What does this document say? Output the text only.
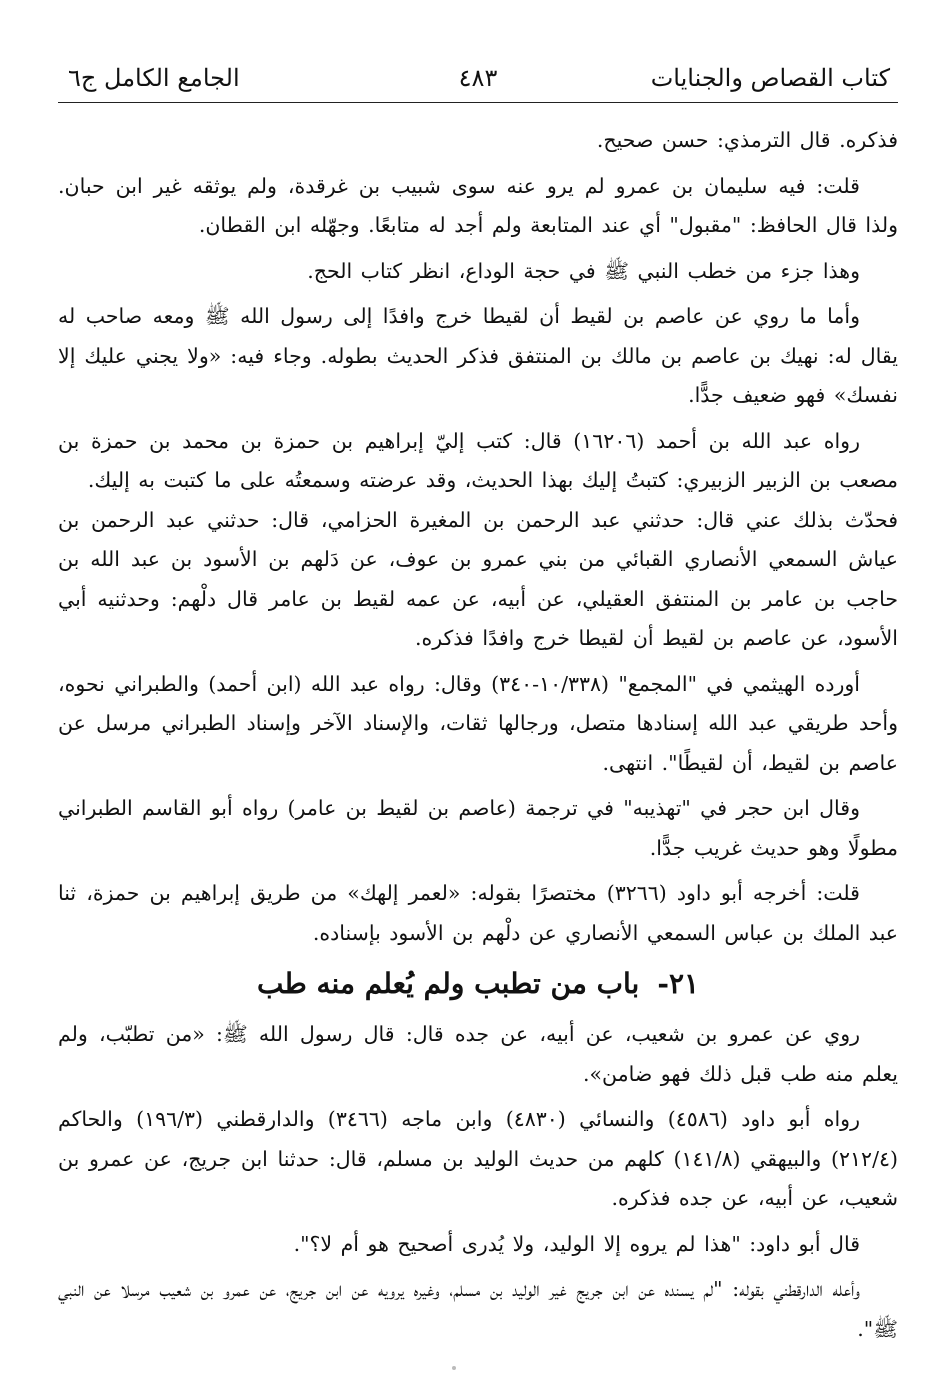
كتاب القصاص والجنايات
٤٨٣
الجامع الكامل ج٦

فذكره. قال الترمذي: حسن صحيح.

قلت: فيه سليمان بن عمرو لم يرو عنه سوى شبيب بن غرقدة، ولم يوثقه غير ابن حبان. ولذا قال الحافظ: "مقبول" أي عند المتابعة ولم أجد له متابعًا. وجهّله ابن القطان.

وهذا جزء من خطب النبي ﷺ في حجة الوداع، انظر كتاب الحج.

وأما ما روي عن عاصم بن لقيط أن لقيطا خرج وافدًا إلى رسول الله ﷺ ومعه صاحب له يقال له: نهيك بن عاصم بن مالك بن المنتفق فذكر الحديث بطوله. وجاء فيه: «ولا يجني عليك إلا نفسك» فهو ضعيف جدًّا.

رواه عبد الله بن أحمد (١٦٢٠٦) قال: كتب إليّ إبراهيم بن حمزة بن محمد بن حمزة بن مصعب بن الزبير الزبيري: كتبتُ إليك بهذا الحديث، وقد عرضته وسمعتُه على ما كتبت به إليك.

فحدّث بذلك عني قال: حدثني عبد الرحمن بن المغيرة الحزامي، قال: حدثني عبد الرحمن بن عياش السمعي الأنصاري القبائي من بني عمرو بن عوف، عن دَلهم بن الأسود بن عبد الله بن حاجب بن عامر بن المنتفق العقيلي، عن أبيه، عن عمه لقيط بن عامر قال دلْهم: وحدثنيه أبي الأسود، عن عاصم بن لقيط أن لقيطا خرج وافدًا فذكره.

أورده الهيثمي في "المجمع" (١٠/٣٣٨-٣٤٠) وقال: رواه عبد الله (ابن أحمد) والطبراني نحوه، وأحد طريقي عبد الله إسنادها متصل، ورجالها ثقات، والإسناد الآخر وإسناد الطبراني مرسل عن عاصم بن لقيط، أن لقيطًا". انتهى.

وقال ابن حجر في "تهذيبه" في ترجمة (عاصم بن لقيط بن عامر) رواه أبو القاسم الطبراني مطولًا وهو حديث غريب جدًّا.

قلت: أخرجه أبو داود (٣٢٦٦) مختصرًا بقوله: «لعمر إلهك» من طريق إبراهيم بن حمزة، ثنا عبد الملك بن عباس السمعي الأنصاري عن دلْهم بن الأسود بإسناده.

٢١-باب من تطبب ولم يُعلم منه طب

روي عن عمرو بن شعيب، عن أبيه، عن جده قال: قال رسول الله ﷺ: «من تطبّب، ولم يعلم منه طب قبل ذلك فهو ضامن».

رواه أبو داود (٤٥٨٦) والنسائي (٤٨٣٠) وابن ماجه (٣٤٦٦) والدارقطني (١٩٦/٣) والحاكم (٢١٢/٤) والبيهقي (١٤١/٨) كلهم من حديث الوليد بن مسلم، قال: حدثنا ابن جريج، عن عمرو بن شعيب، عن أبيه، عن جده فذكره.

قال أبو داود: "هذا لم يروه إلا الوليد، ولا يُدرى أصحيح هو أم لا؟".

وأعله الدارقطني بقوله: "لم يسنده عن ابن جريج غير الوليد بن مسلم، وغيره يرويه عن ابن جريج، عن عمرو بن شعيب مرسلا عن النبي ﷺ".
